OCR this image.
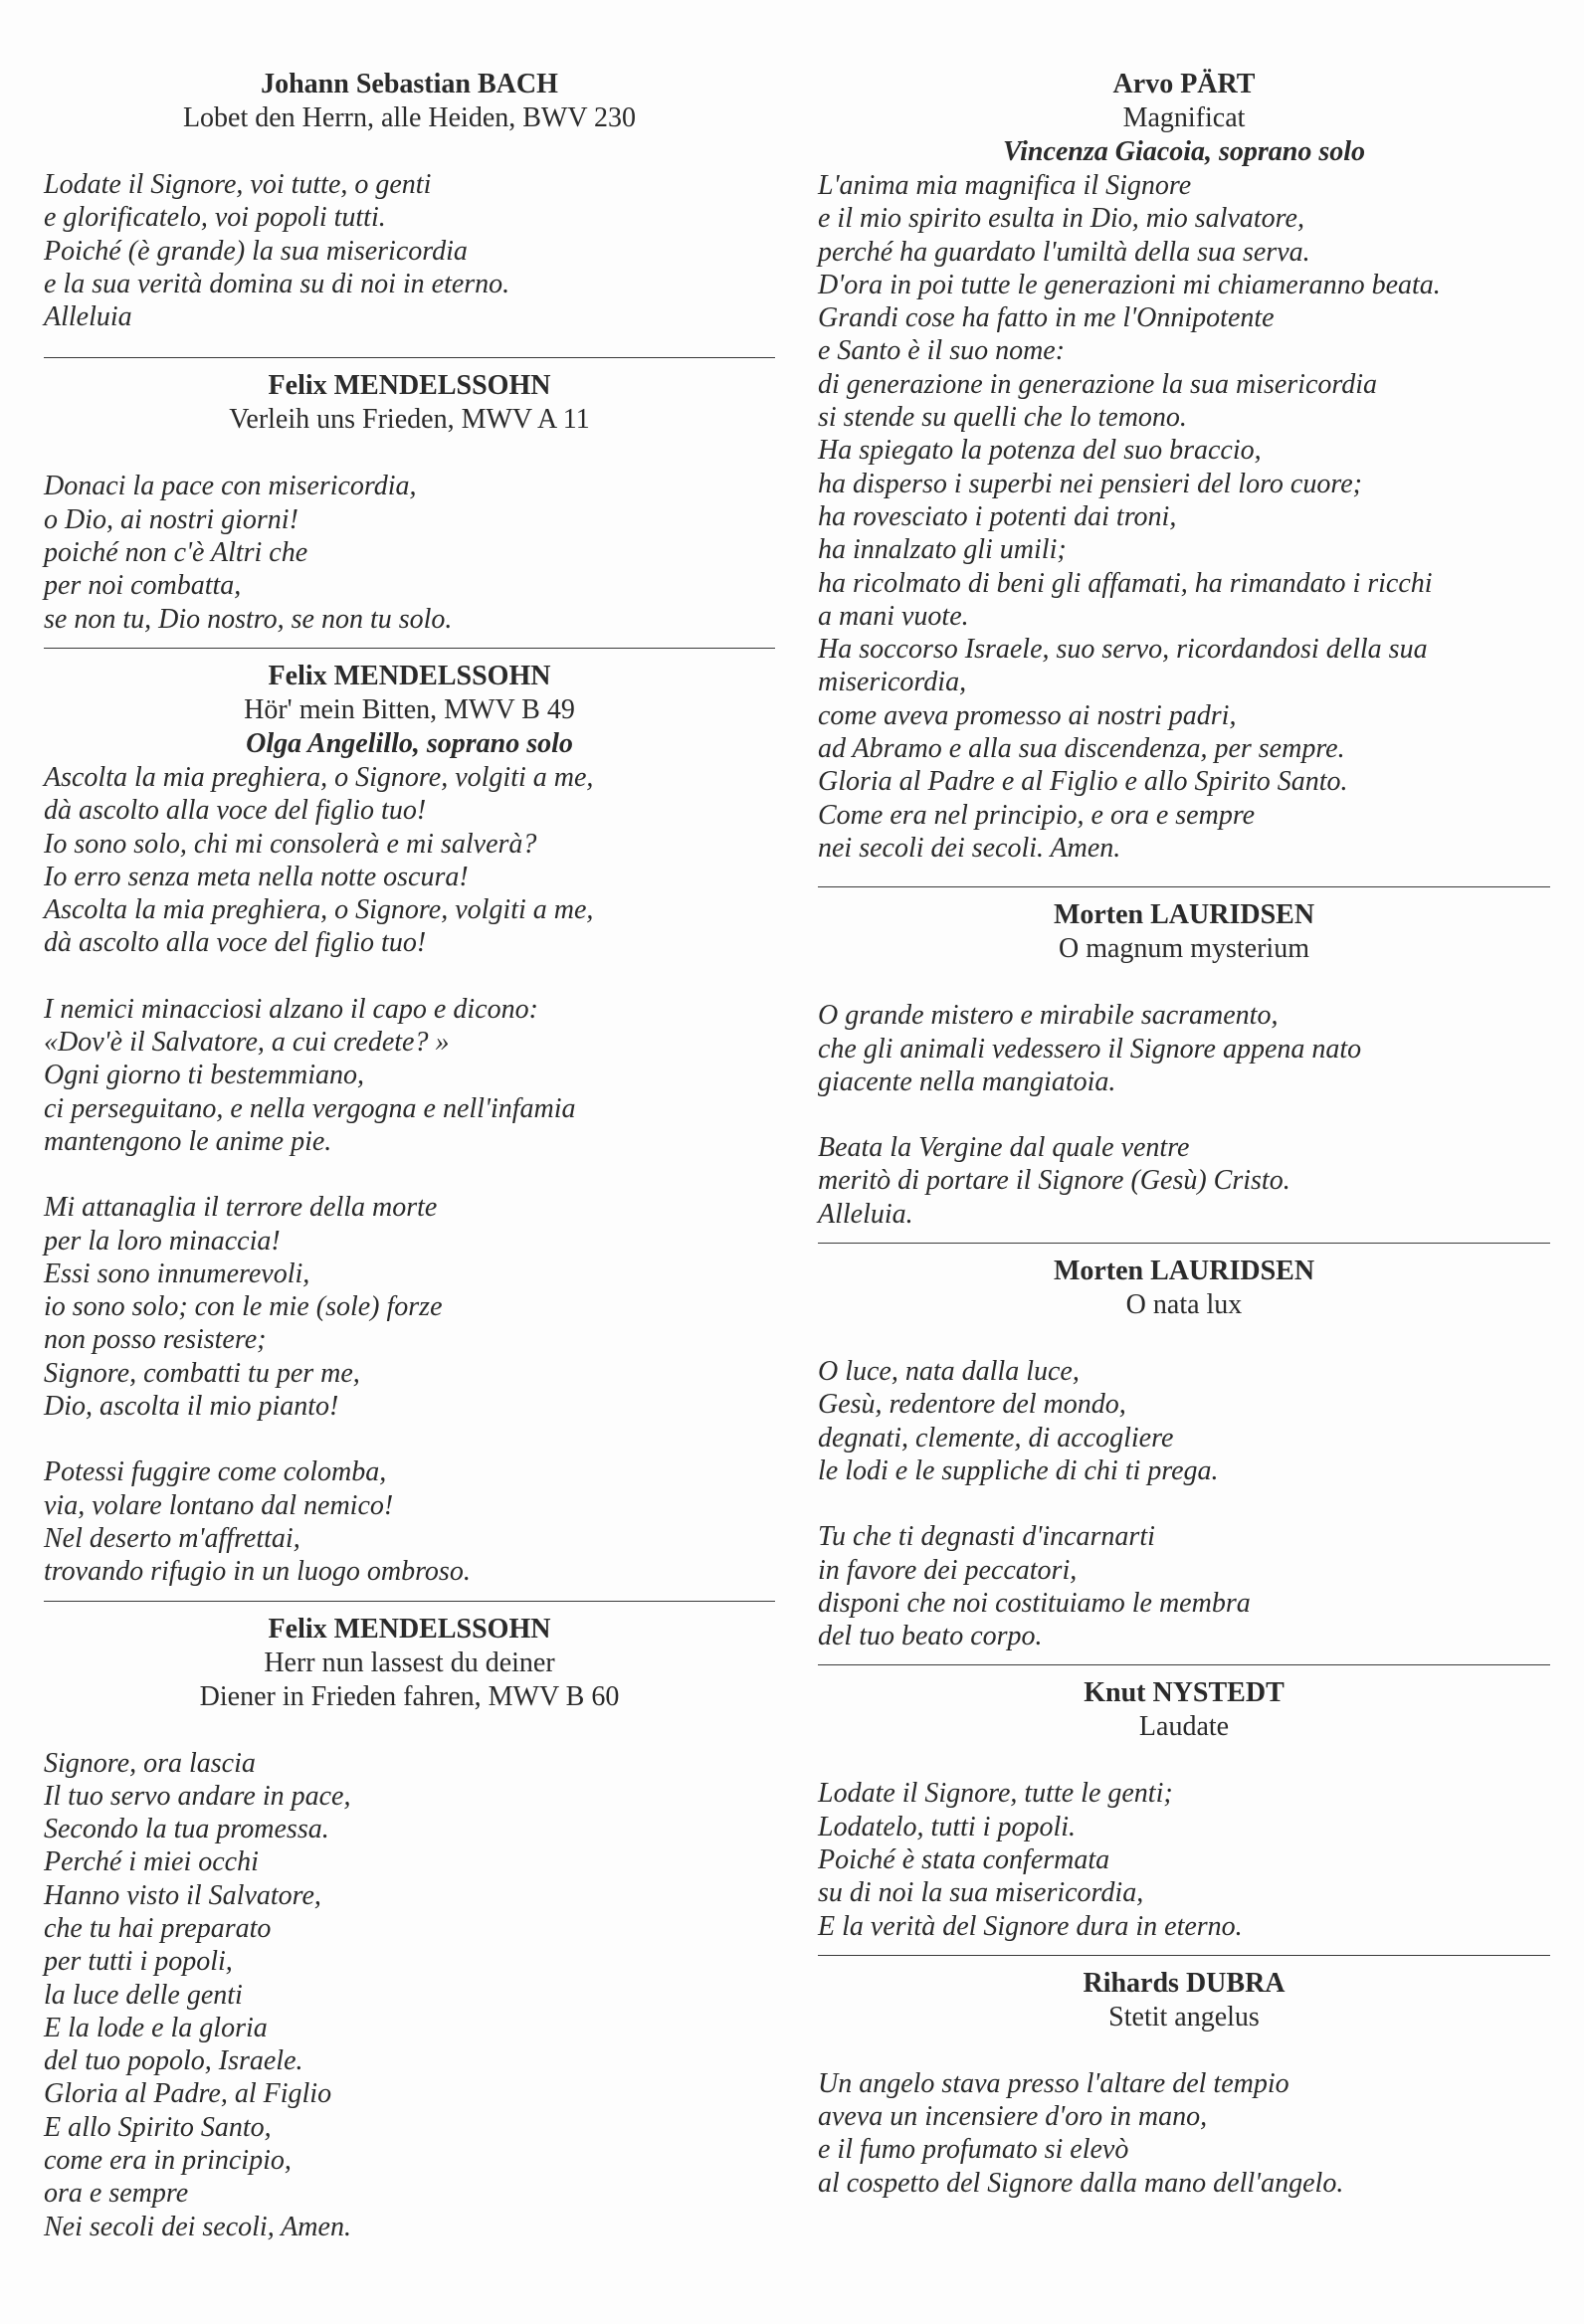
Johann Sebastian BACH
Lobet den Herrn, alle Heiden, BWV 230
Lodate il Signore, voi tutte, o genti
e glorificatelo, voi popoli tutti.
Poiché (è grande) la sua misericordia
e la sua verità domina su di noi in eterno.
Alleluia
Felix MENDELSSOHN
Verleih uns Frieden, MWV A 11
Donaci la pace con misericordia,
o Dio, ai nostri giorni!
poiché non c'è Altri che
per noi combatta,
se non tu, Dio nostro, se non tu solo.
Felix MENDELSSOHN
Hör' mein Bitten, MWV B 49
Olga Angelillo, soprano solo
Ascolta la mia preghiera, o Signore, volgiti a me,
dà ascolto alla voce del figlio tuo!
Io sono solo, chi mi consolerà e mi salverà?
Io erro senza meta nella notte oscura!
Ascolta la mia preghiera, o Signore, volgiti a me,
dà ascolto alla voce del figlio tuo!
I nemici minacciosi alzano il capo e dicono:
«Dov'è il Salvatore, a cui credete? »
Ogni giorno ti bestemmiano,
ci perseguitano, e nella vergogna e nell'infamia
mantengono le anime pie.
Mi attanaglia il terrore della morte
per la loro minaccia!
Essi sono innumerevoli,
io sono solo; con le mie (sole) forze
non posso resistere;
Signore, combatti tu per me,
Dio, ascolta il mio pianto!
Potessi fuggire come colomba,
via, volare lontano dal nemico!
Nel deserto m'affrettai,
trovando rifugio in un luogo ombroso.
Felix MENDELSSOHN
Herr nun lassest du deiner
Diener in Frieden fahren, MWV B 60
Signore, ora lascia
Il tuo servo andare in pace,
Secondo la tua promessa.
Perché i miei occhi
Hanno visto il Salvatore,
che tu hai preparato
per tutti i popoli,
la luce delle genti
E la lode e la gloria
del tuo popolo, Israele.
Gloria al Padre, al Figlio
E allo Spirito Santo,
come era in principio,
ora e sempre
Nei secoli dei secoli, Amen.
Arvo PÄRT
Magnificat
Vincenza Giacoia, soprano solo
L'anima mia magnifica il Signore
e il mio spirito esulta in Dio, mio salvatore,
perché ha guardato l'umiltà della sua serva.
D'ora in poi tutte le generazioni mi chiameranno beata.
Grandi cose ha fatto in me l'Onnipotente
e Santo è il suo nome:
di generazione in generazione la sua misericordia
si stende su quelli che lo temono.
Ha spiegato la potenza del suo braccio,
ha disperso i superbi nei pensieri del loro cuore;
ha rovesciato i potenti dai troni,
ha innalzato gli umili;
ha ricolmato di beni gli affamati, ha rimandato i ricchi
a mani vuote.
Ha soccorso Israele, suo servo, ricordandosi della sua
misericordia,
come aveva promesso ai nostri padri,
ad Abramo e alla sua discendenza, per sempre.
Gloria al Padre e al Figlio e allo Spirito Santo.
Come era nel principio, e ora e sempre
nei secoli dei secoli. Amen.
Morten LAURIDSEN
O magnum mysterium
O grande mistero e mirabile sacramento,
che gli animali vedessero il Signore appena nato
giacente nella mangiatoia.
Beata la Vergine dal quale ventre
meritò di portare il Signore (Gesù) Cristo.
Alleluia.
Morten LAURIDSEN
O nata lux
O luce, nata dalla luce,
Gesù, redentore del mondo,
degnati, clemente, di accogliere
le lodi e le suppliche di chi ti prega.
Tu che ti degnasti d'incarnarti
in favore dei peccatori,
disponi che noi costituiamo le membra
del tuo beato corpo.
Knut NYSTEDT
Laudate
Lodate il Signore, tutte le genti;
Lodatelo, tutti i popoli.
Poiché è stata confermata
su di noi la sua misericordia,
E la verità del Signore dura in eterno.
Rihards DUBRA
Stetit angelus
Un angelo stava presso l'altare del tempio
aveva un incensiere d'oro in mano,
e il fumo profumato si elevò
al cospetto del Signore dalla mano dell'angelo.
